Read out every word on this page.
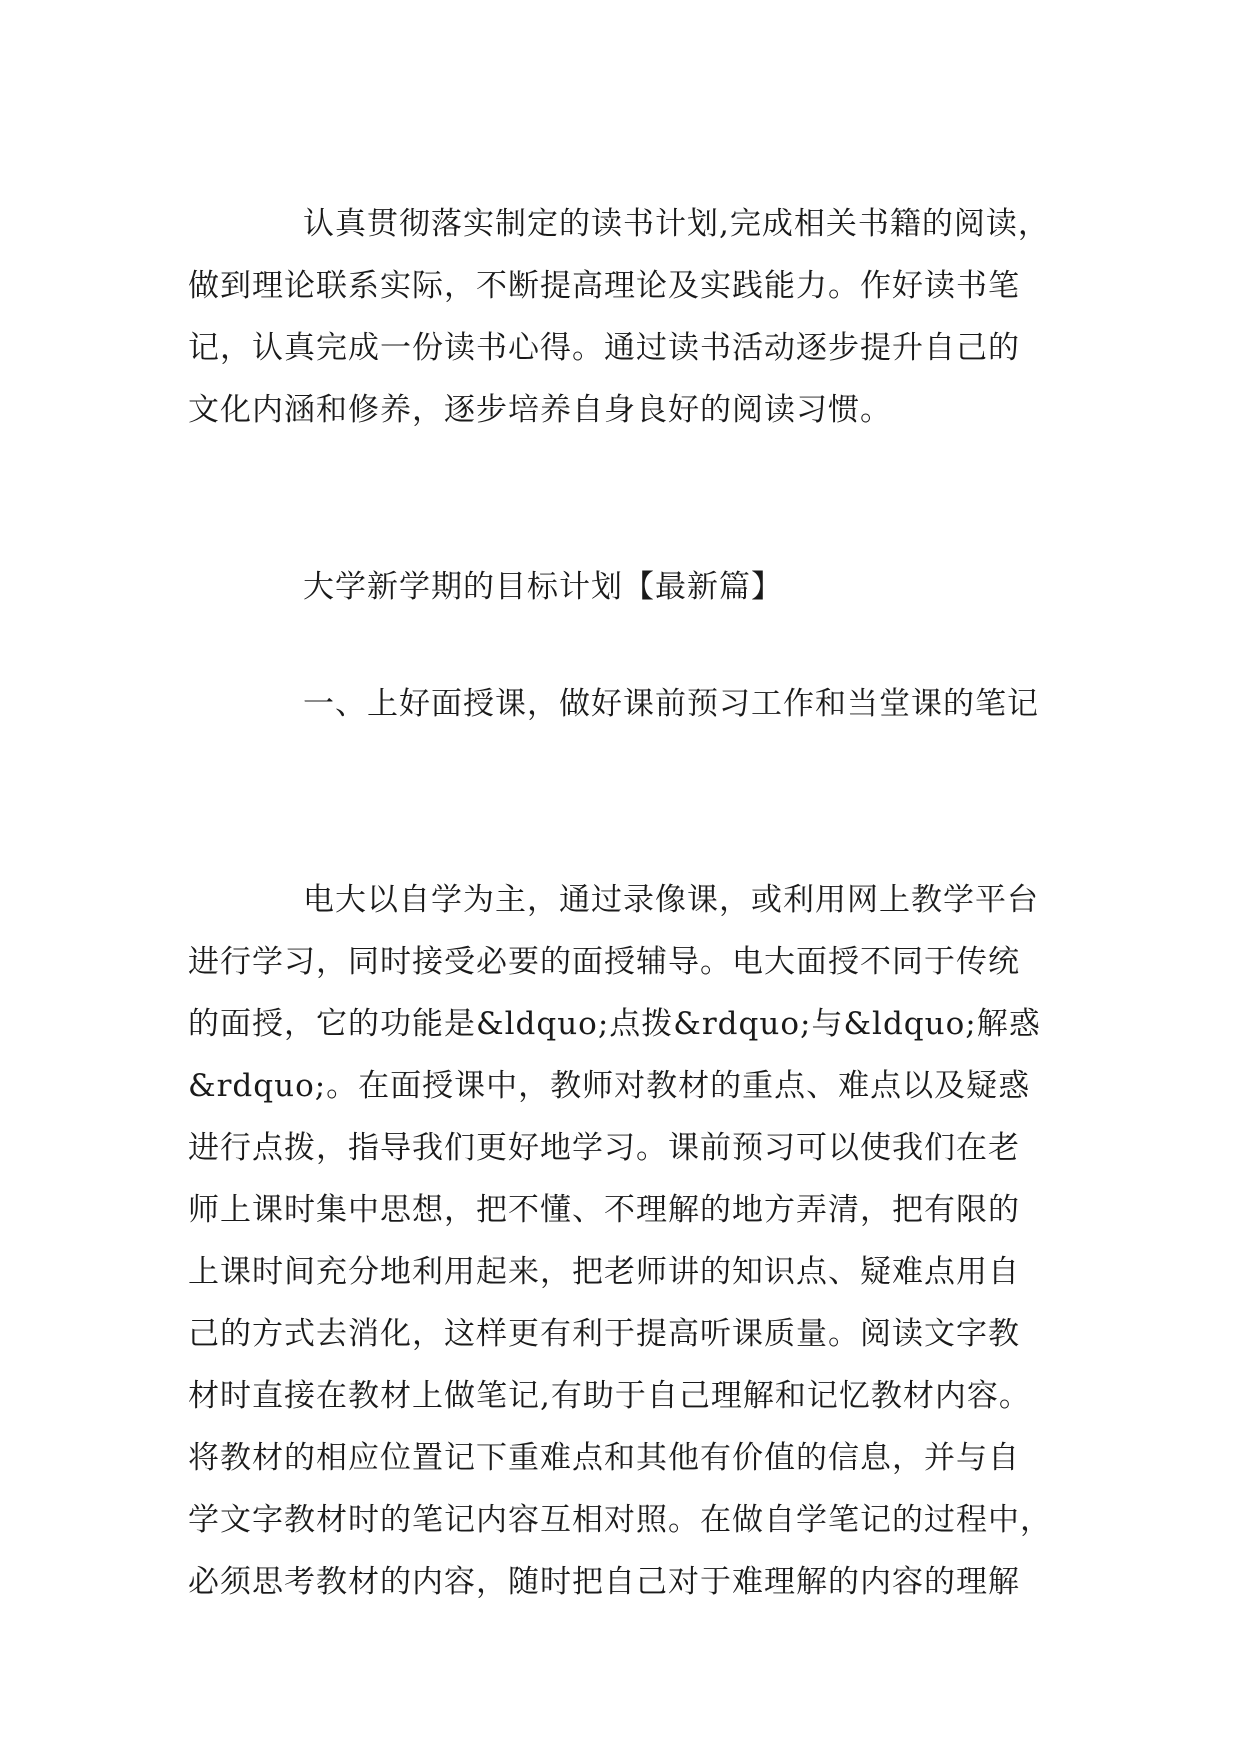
认真贯彻落实制定的读书计划,完成相关书籍的阅读，
做到理论联系实际，不断提高理论及实践能力。作好读书笔
记，认真完成一份读书心得。通过读书活动逐步提升自己的
文化内涵和修养，逐步培养自身良好的阅读习惯。
大学新学期的目标计划【最新篇】
一、上好面授课，做好课前预习工作和当堂课的笔记
电大以自学为主，通过录像课，或利用网上教学平台
进行学习，同时接受必要的面授辅导。电大面授不同于传统
的面授，它的功能是&ldquo;点拨&rdquo;与&ldquo;解惑
&rdquo;。在面授课中，教师对教材的重点、难点以及疑惑
进行点拨，指导我们更好地学习。课前预习可以使我们在老
师上课时集中思想，把不懂、不理解的地方弄清，把有限的
上课时间充分地利用起来，把老师讲的知识点、疑难点用自
己的方式去消化，这样更有利于提高听课质量。阅读文字教
材时直接在教材上做笔记,有助于自己理解和记忆教材内容。
将教材的相应位置记下重难点和其他有价值的信息，并与自
学文字教材时的笔记内容互相对照。在做自学笔记的过程中，
必须思考教材的内容，随时把自己对于难理解的内容的理解
